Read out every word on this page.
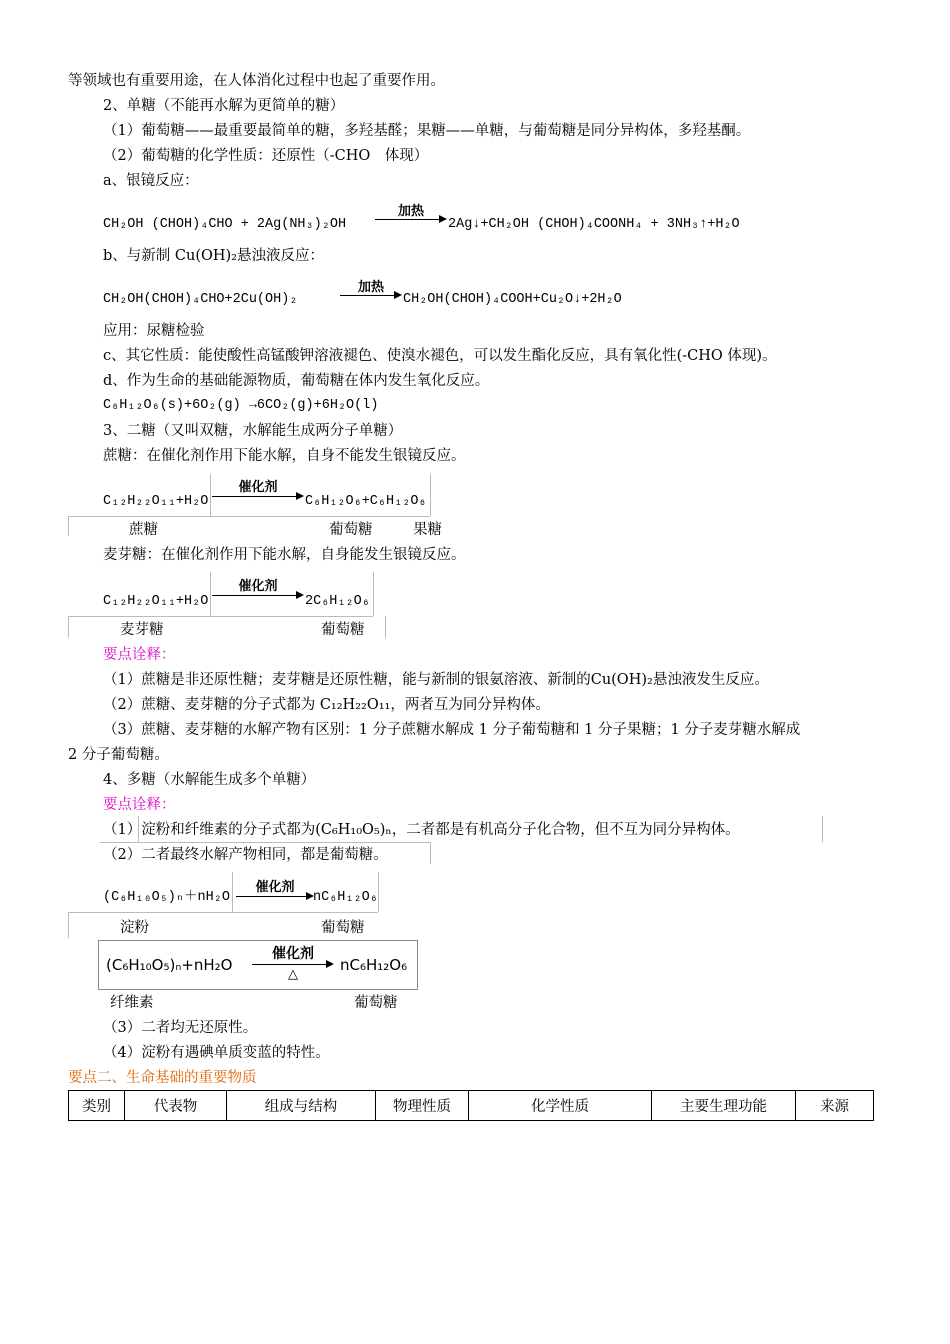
等领域也有重要用途，在人体消化过程中也起了重要作用。
2、单糖（不能再水解为更简单的糖）
（1）葡萄糖——最重要最简单的糖，多羟基醛；果糖——单糖，与葡萄糖是同分异构体，多羟基酮。
（2）葡萄糖的化学性质：还原性（-CHO　体现）
a、银镜反应：
CH₂OH (CHOH)₄CHO + 2Ag(NH₃)₂OH
加热
2Ag↓+CH₂OH (CHOH)₄COONH₄ + 3NH₃↑+H₂O
b、与新制 Cu(OH)₂悬浊液反应：
CH₂OH(CHOH)₄CHO+2Cu(OH)₂
加热
CH₂OH(CHOH)₄COOH+Cu₂O↓+2H₂O
应用：尿糖检验
c、其它性质：能使酸性高锰酸钾溶液褪色、使溴水褪色，可以发生酯化反应，具有氧化性(-CHO 体现)。
d、作为生命的基础能源物质，葡萄糖在体内发生氧化反应。
C₆H₁₂O₆(s)+6O₂(g) →6CO₂(g)+6H₂O(l)
3、二糖（又叫双糖，水解能生成两分子单糖）
蔗糖：在催化剂作用下能水解，自身不能发生银镜反应。
C₁₂H₂₂O₁₁+H₂O
催化剂
C₆H₁₂O₆+C₆H₁₂O₆
蔗糖	葡萄糖	果糖
麦芽糖：在催化剂作用下能水解，自身能发生银镜反应。
C₁₂H₂₂O₁₁+H₂O
催化剂
2C₆H₁₂O₆
麦芽糖	葡萄糖
要点诠释：
（1）蔗糖是非还原性糖；麦芽糖是还原性糖，能与新制的银氨溶液、新制的Cu(OH)₂悬浊液发生反应。
（2）蔗糖、麦芽糖的分子式都为 C₁₂H₂₂O₁₁，两者互为同分异构体。
（3）蔗糖、麦芽糖的水解产物有区别：1 分子蔗糖水解成 1 分子葡萄糖和 1 分子果糖；1 分子麦芽糖水解成
2 分子葡萄糖。
4、多糖（水解能生成多个单糖）
要点诠释：
（1）淀粉和纤维素的分子式都为(C₆H₁₀O₅)ₙ，二者都是有机高分子化合物，但不互为同分异构体。
（2）二者最终水解产物相同，都是葡萄糖。
(C₆H₁₀O₅)ₙ＋nH₂O
催化剂
nC₆H₁₂O₆
淀粉	葡萄糖
(C₆H₁₀O₅)ₙ+nH₂O
催化剂
△
nC₆H₁₂O₆
纤维素	葡萄糖
（3）二者均无还原性。
（4）淀粉有遇碘单质变蓝的特性。
要点二、生命基础的重要物质
类别	代表物	组成与结构	物理性质	化学性质	主要生理功能	来源
